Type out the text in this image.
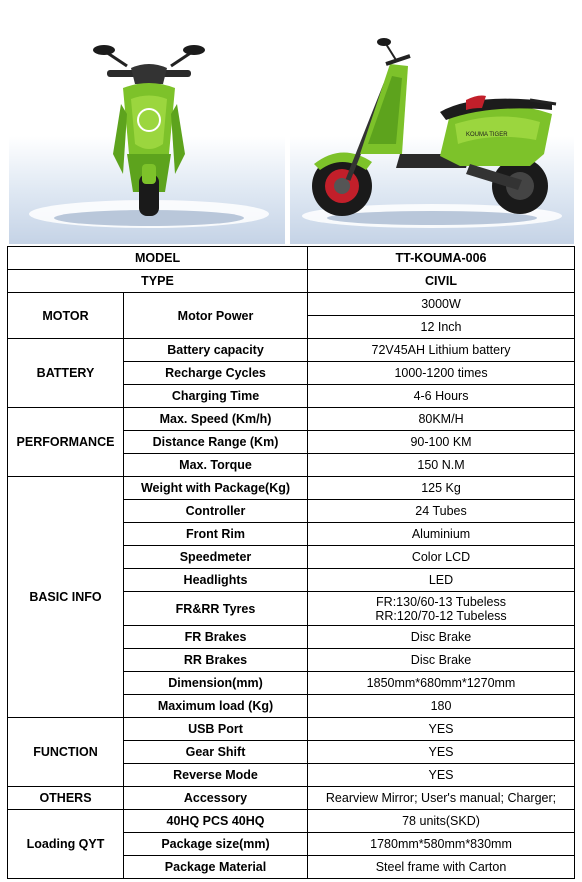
KOUMA TIGER
MODEL		TT-KOUMA-006
TYPE		CIVIL
MOTOR	Motor Power	3000W
		12 Inch
BATTERY	Battery capacity	72V45AH Lithium battery
	Recharge Cycles	1000-1200 times
	Charging Time	4-6 Hours
PERFORMANCE	Max. Speed (Km/h)	80KM/H
	Distance Range (Km)	90-100 KM
	Max. Torque	150 N.M
BASIC INFO	Weight with Package(Kg)	125 Kg
	Controller	24 Tubes
	Front Rim	Aluminium
	Speedmeter	Color LCD
	Headlights	LED
	FR&RR Tyres	FR:130/60-13 Tubeless
RR:120/70-12 Tubeless

	FR Brakes	Disc Brake
	RR Brakes	Disc Brake
	Dimension(mm)	1850mm*680mm*1270mm
	Maximum load (Kg)	180
FUNCTION	USB Port	YES
	Gear Shift	YES
	Reverse Mode	YES
OTHERS	Accessory	Rearview Mirror; User's manual; Charger;
Loading QYT	40HQ PCS 40HQ	78 units(SKD)
	Package size(mm)	1780mm*580mm*830mm
	Package Material	Steel frame with Carton
